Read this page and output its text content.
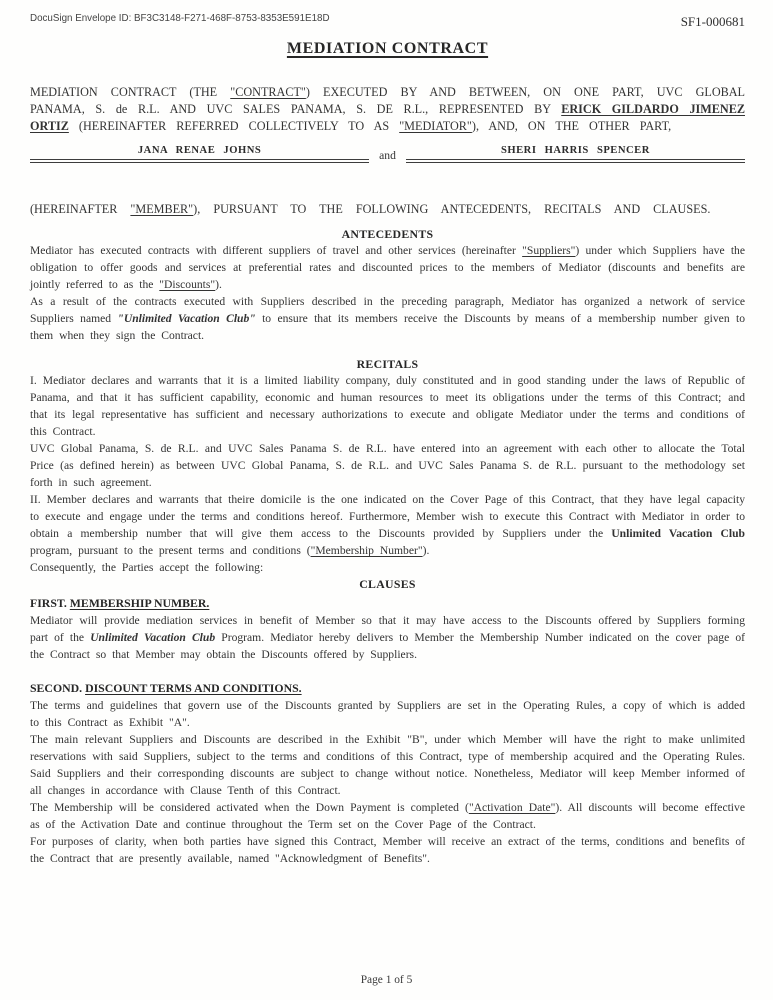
DocuSign Envelope ID: BF3C3148-F271-468F-8753-8353E591E18D	SF1-000681
MEDIATION CONTRACT

MEDIATION CONTRACT (THE "CONTRACT") EXECUTED BY AND BETWEEN, ON ONE PART, UVC GLOBAL PANAMA, S. de R.L. AND UVC SALES PANAMA, S. DE R.L., REPRESENTED BY ERICK GILDARDO JIMENEZ ORTIZ (HEREINAFTER REFERRED COLLECTIVELY TO AS "MEDIATOR"), AND, ON THE OTHER PART,

JANA RENAE JOHNS	and	SHERI HARRIS SPENCER

(HEREINAFTER "MEMBER"), PURSUANT TO THE FOLLOWING ANTECEDENTS, RECITALS AND CLAUSES.

ANTECEDENTS

Mediator has executed contracts with different suppliers of travel and other services (hereinafter "Suppliers") under which Suppliers have the obligation to offer goods and services at preferential rates and discounted prices to the members of Mediator (discounts and benefits are jointly referred to as the "Discounts").

As a result of the contracts executed with Suppliers described in the preceding paragraph, Mediator has organized a network of service Suppliers named "Unlimited Vacation Club" to ensure that its members receive the Discounts by means of a membership number given to them when they sign the Contract.

RECITALS

I. Mediator declares and warrants that it is a limited liability company, duly constituted and in good standing under the laws of Republic of Panama, and that it has sufficient capability, economic and human resources to meet its obligations under the terms of this Contract; and that its legal representative has sufficient and necessary authorizations to execute and obligate Mediator under the terms and conditions of this Contract.

UVC Global Panama, S. de R.L. and UVC Sales Panama S. de R.L. have entered into an agreement with each other to allocate the Total Price (as defined herein) as between UVC Global Panama, S. de R.L. and UVC Sales Panama S. de R.L. pursuant to the methodology set forth in such agreement.

II. Member declares and warrants that theire domicile is the one indicated on the Cover Page of this Contract, that they have legal capacity to execute and engage under the terms and conditions hereof. Furthermore, Member wish to execute this Contract with Mediator in order to obtain a membership number that will give them access to the Discounts provided by Suppliers under the Unlimited Vacation Club program, pursuant to the present terms and conditions ("Membership Number").

Consequently, the Parties accept the following:

CLAUSES

FIRST. MEMBERSHIP NUMBER.

Mediator will provide mediation services in benefit of Member so that it may have access to the Discounts offered by Suppliers forming part of the Unlimited Vacation Club Program. Mediator hereby delivers to Member the Membership Number indicated on the cover page of the Contract so that Member may obtain the Discounts offered by Suppliers.

SECOND. DISCOUNT TERMS AND CONDITIONS.

The terms and guidelines that govern use of the Discounts granted by Suppliers are set in the Operating Rules, a copy of which is added to this Contract as Exhibit "A".

The main relevant Suppliers and Discounts are described in the Exhibit "B", under which Member will have the right to make unlimited reservations with said Suppliers, subject to the terms and conditions of this Contract, type of membership acquired and the Operating Rules. Said Suppliers and their corresponding discounts are subject to change without notice. Nonetheless, Mediator will keep Member informed of all changes in accordance with Clause Tenth of this Contract.

The Membership will be considered activated when the Down Payment is completed ("Activation Date"). All discounts will become effective as of the Activation Date and continue throughout the Term set on the Cover Page of the Contract.

For purposes of clarity, when both parties have signed this Contract, Member will receive an extract of the terms, conditions and benefits of the Contract that are presently available, named "Acknowledgment of Benefits".

Page 1 of 5
